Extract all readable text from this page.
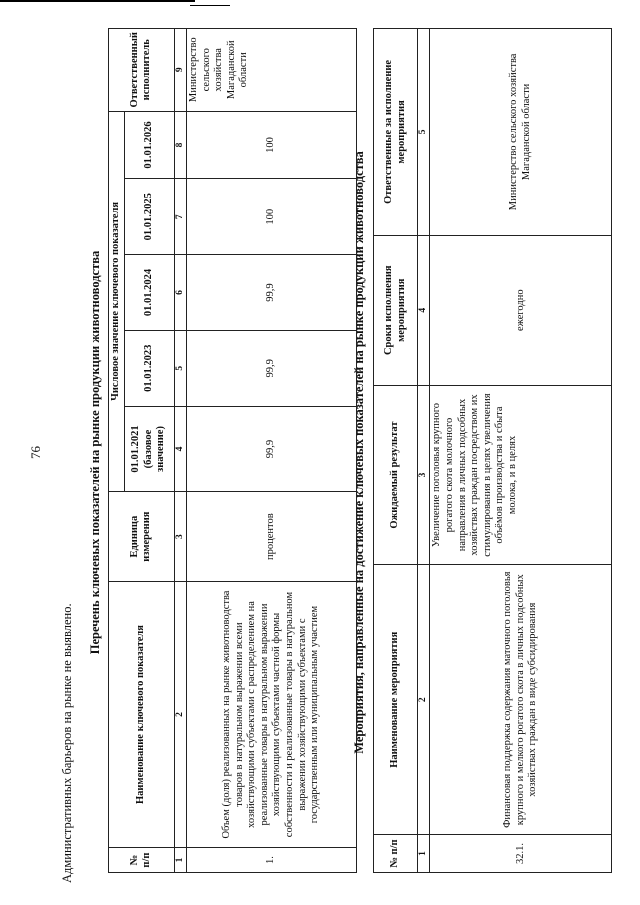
76
Административных барьеров на рынке не выявлено.
Перечень ключевых показателей на рынке продукции животноводства
№ п/п	Наименование ключевого показателя	Единица измерения	Числовое значение ключевого показателя					Ответственный исполнитель
			01.01.2021 (базовое значение)	01.01.2023	01.01.2024	01.01.2025	01.01.2026	
1	2	3	4	5	6	7	8	9
1.	Объем (доля) реализованных на рынке животноводства товаров в натуральном выражении всеми хозяйствующими субъектами с распределением на реализованные товары в натуральном выражении хозяйствующими субъектами частной формы собственности и реализованные товары в натуральном выражении хозяйствующими субъектами с государственным или муниципальным участием	процентов	99,9	99,9	99,9	100	100	Министерство сельского хозяйства Магаданской области
Мероприятия, направленные на достижение ключевых показателей на рынке продукции животноводства
№ п/п	Наименование мероприятия	Ожидаемый результат	Сроки исполнения мероприятия	Ответственные за исполнение мероприятия
1	2	3	4	5
32.1.	Финансовая поддержка содержания маточного поголовья крупного и мелкого рогатого скота в личных подсобных хозяйствах граждан в виде субсидирования	Увеличение поголовья крупного рогатого скота молочного направления в личных подсобных хозяйствах граждан посредством их стимулирования в целях увеличения объёмов производства и сбыта молока, и в целях	ежегодно	Министерство сельского хозяйства Магаданской области
